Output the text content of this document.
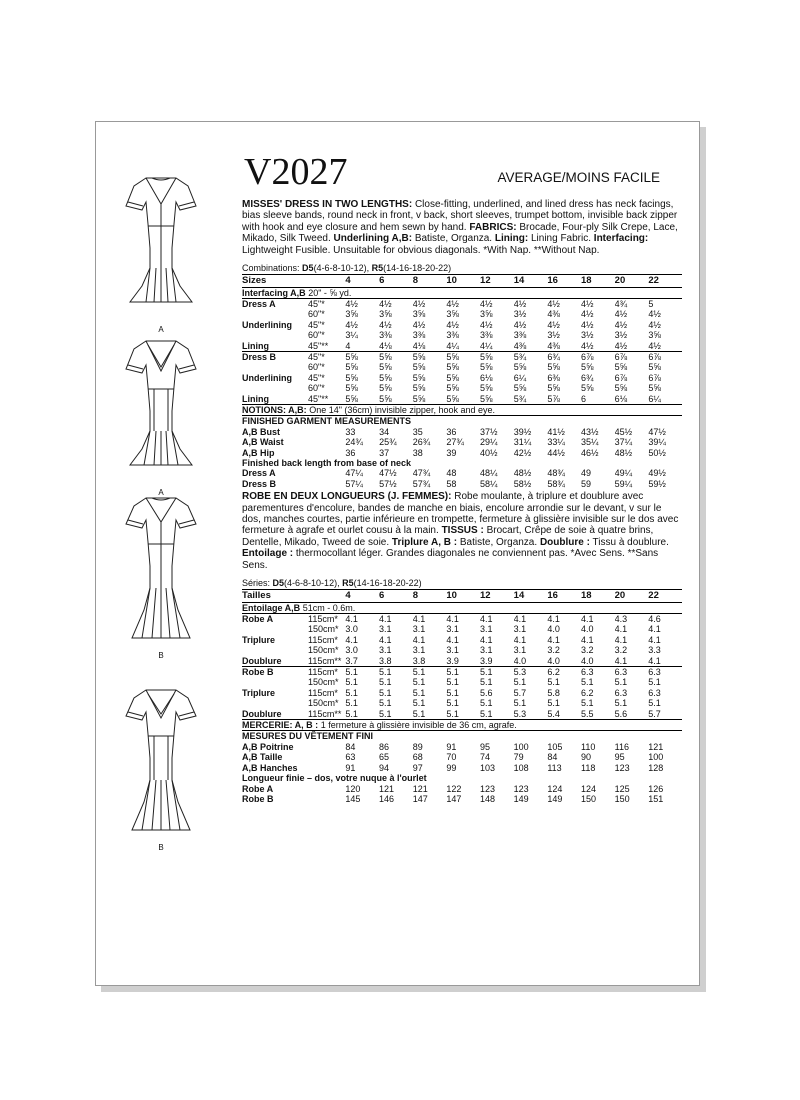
A
A
B
B
V2027	AVERAGE/MOINS FACILE

MISSES' DRESS IN TWO LENGTHS: Close-fitting, underlined, and lined dress has neck facings, bias sleeve bands, round neck in front, v back, short sleeves, trumpet bottom, invisible back zipper with hook and eye closure and hem sewn by hand. FABRICS: Brocade, Four-ply Silk Crepe, Lace, Mikado, Silk Tweed. Underlining A,B: Batiste, Organza. Lining: Lining Fabric. Interfacing: Lightweight Fusible. Unsuitable for obvious diagonals. *With Nap. **Without Nap.

Combinations: D5(4-6-8-10-12), R5(14-16-18-20-22)
Sizes		4	6	8	10	12	14	16	18	20	22
Interfacing A,B 20" - ⅝ yd.											
Dress A	45"*	4½	4½	4½	4½	4½	4½	4½	4½	4¾	5
	60"*	3⅝	3⅝	3⅝	3⅝	3⅝	3½	4⅜	4½	4½	4½
Underlining	45"*	4½	4½	4½	4½	4½	4½	4½	4½	4½	4½
	60"*	3¼	3⅜	3⅜	3⅜	3⅜	3⅜	3½	3½	3½	3⅝
Lining	45"**	4	4⅛	4⅛	4¼	4¼	4⅜	4⅜	4½	4½	4½
Dress B	45"*	5⅝	5⅝	5⅝	5⅝	5⅝	5¾	6¾	6⅞	6⅞	6⅞
	60"*	5⅝	5⅝	5⅝	5⅝	5⅝	5⅝	5⅝	5⅝	5⅝	5⅝
Underlining	45"*	5⅝	5⅝	5⅝	5⅝	6⅛	6¼	6⅜	6¾	6⅞	6⅞
	60"*	5⅝	5⅝	5⅝	5⅝	5⅝	5⅝	5⅝	5⅝	5⅝	5⅝
Lining	45"**	5⅝	5⅝	5⅝	5⅝	5⅝	5¾	5⅞	6	6⅛	6¼
NOTIONS: A,B: One 14" (36cm) invisible zipper, hook and eye.											
FINISHED GARMENT MEASUREMENTS											
A,B Bust		33	34	35	36	37½	39½	41½	43½	45½	47½
A,B Waist		24¾	25¾	26¾	27¾	29¼	31¼	33¼	35¼	37¼	39¼
A,B Hip		36	37	38	39	40½	42½	44½	46½	48½	50½
Finished back length from base of neck											
Dress A		47¼	47½	47¾	48	48¼	48½	48¾	49	49¼	49½
Dress B		57¼	57½	57¾	58	58¼	58½	58¾	59	59¼	59½

ROBE EN DEUX LONGUEURS (J. FEMMES): Robe moulante, à triplure et doublure avec parementures d'encolure, bandes de manche en biais, encolure arrondie sur le devant, v sur le dos, manches courtes, partie inférieure en trompette, fermeture à glissière invisible sur le dos avec fermeture à agrafe et ourlet cousu à la main. TISSUS : Brocart, Crêpe de soie à quatre brins, Dentelle, Mikado, Tweed de soie. Triplure A, B : Batiste, Organza. Doublure : Tissu à doublure. Entoilage : thermocollant léger. Grandes diagonales ne conviennent pas. *Avec Sens. **Sans Sens.

Séries: D5(4-6-8-10-12), R5(14-16-18-20-22)
Tailles		4	6	8	10	12	14	16	18	20	22
Entoilage A,B 51cm - 0.6m.											
Robe A	115cm*	4.1	4.1	4.1	4.1	4.1	4.1	4.1	4.1	4.3	4.6
	150cm*	3.0	3.1	3.1	3.1	3.1	3.1	4.0	4.0	4.1	4.1
Triplure	115cm*	4.1	4.1	4.1	4.1	4.1	4.1	4.1	4.1	4.1	4.1
	150cm*	3.0	3.1	3.1	3.1	3.1	3.1	3.2	3.2	3.2	3.3
Doublure	115cm**	3.7	3.8	3.8	3.9	3.9	4.0	4.0	4.0	4.1	4.1
Robe B	115cm*	5.1	5.1	5.1	5.1	5.1	5.3	6.2	6.3	6.3	6.3
	150cm*	5.1	5.1	5.1	5.1	5.1	5.1	5.1	5.1	5.1	5.1
Triplure	115cm*	5.1	5.1	5.1	5.1	5.6	5.7	5.8	6.2	6.3	6.3
	150cm*	5.1	5.1	5.1	5.1	5.1	5.1	5.1	5.1	5.1	5.1
Doublure	115cm**	5.1	5.1	5.1	5.1	5.1	5.3	5.4	5.5	5.6	5.7
MERCERIE: A, B : 1 fermeture à glissière invisible de 36 cm, agrafe.											
MESURES DU VÊTEMENT FINI											
A,B Poitrine		84	86	89	91	95	100	105	110	116	121
A,B Taille		63	65	68	70	74	79	84	90	95	100
A,B Hanches		91	94	97	99	103	108	113	118	123	128
Longueur finie – dos, votre nuque à l'ourlet											
Robe A		120	121	121	122	123	123	124	124	125	126
Robe B		145	146	147	147	148	149	149	150	150	151
